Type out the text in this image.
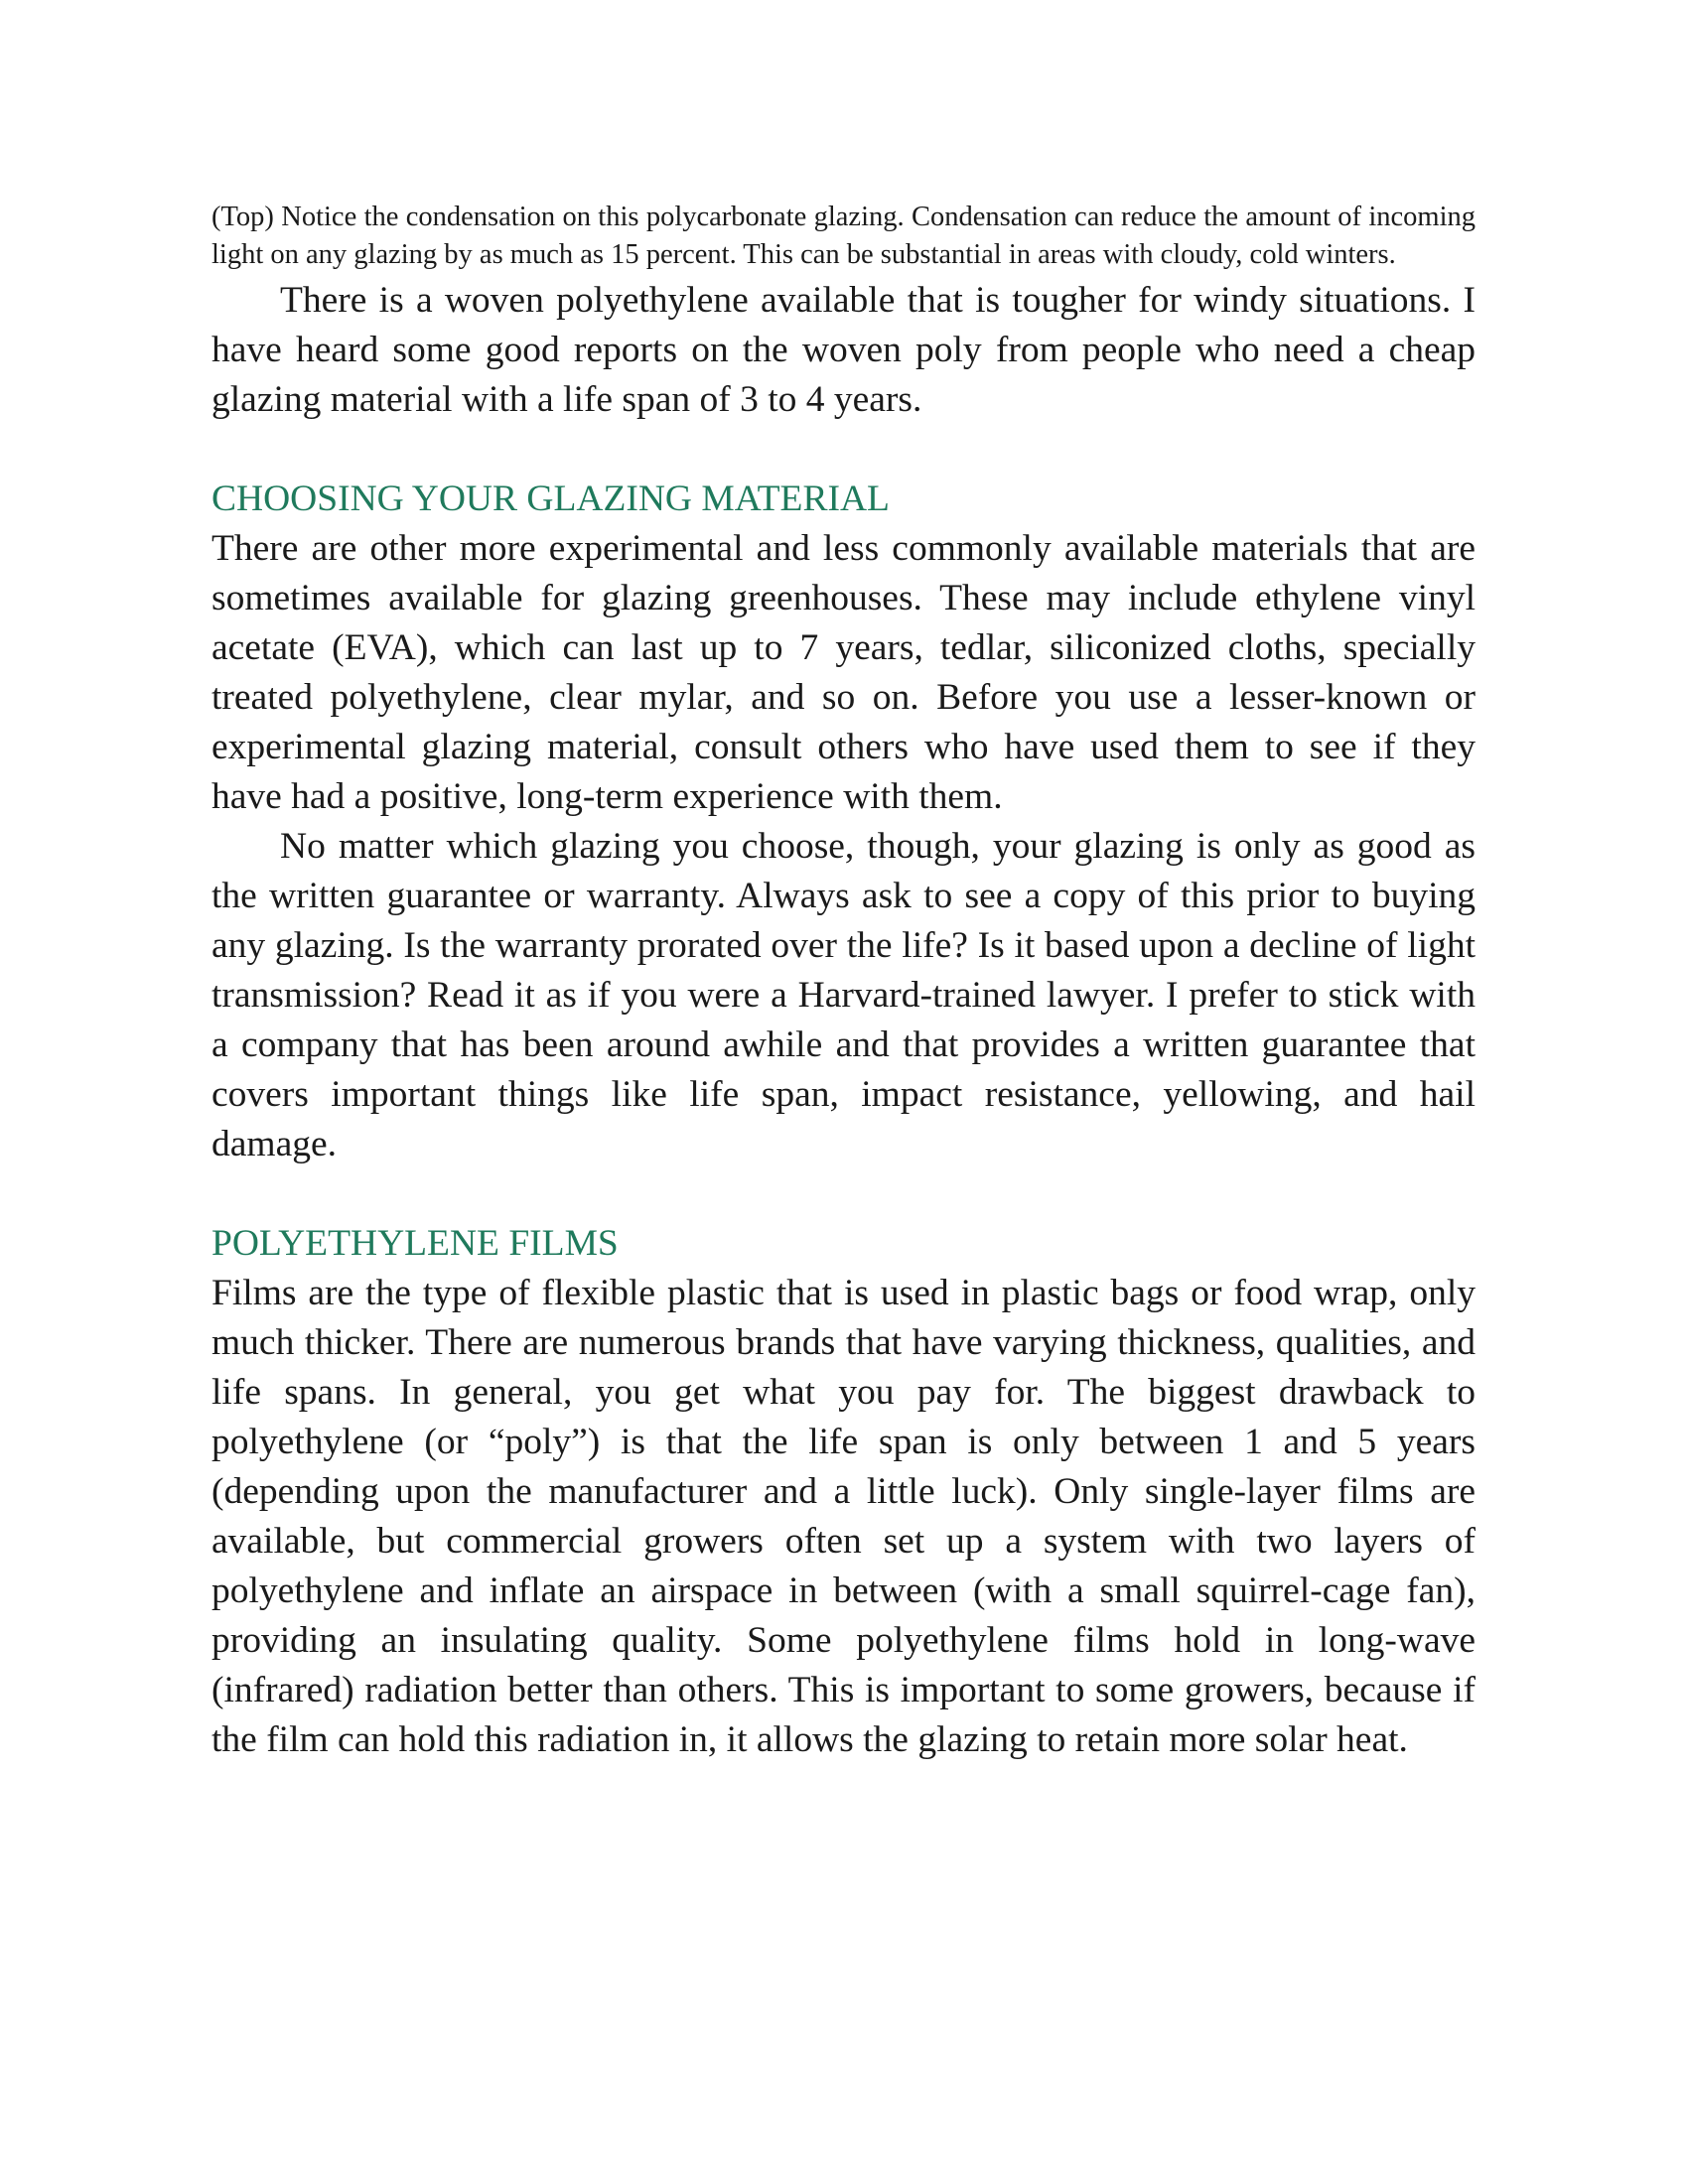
(Top) Notice the condensation on this polycarbonate glazing. Condensation can reduce the amount of incoming light on any glazing by as much as 15 percent. This can be substantial in areas with cloudy, cold winters.

There is a woven polyethylene available that is tougher for windy situations. I have heard some good reports on the woven poly from people who need a cheap glazing material with a life span of 3 to 4 years.

CHOOSING YOUR GLAZING MATERIAL

There are other more experimental and less commonly available materials that are sometimes available for glazing greenhouses. These may include ethylene vinyl acetate (EVA), which can last up to 7 years, tedlar, siliconized cloths, specially treated polyethylene, clear mylar, and so on. Before you use a lesser-known or experimental glazing material, consult others who have used them to see if they have had a positive, long-term experience with them.

No matter which glazing you choose, though, your glazing is only as good as the written guarantee or warranty. Always ask to see a copy of this prior to buying any glazing. Is the warranty prorated over the life? Is it based upon a decline of light transmission? Read it as if you were a Harvard-trained lawyer. I prefer to stick with a company that has been around awhile and that provides a written guarantee that covers important things like life span, impact resistance, yellowing, and hail damage.

POLYETHYLENE FILMS

Films are the type of flexible plastic that is used in plastic bags or food wrap, only much thicker. There are numerous brands that have varying thickness, qualities, and life spans. In general, you get what you pay for. The biggest drawback to polyethylene (or “poly”) is that the life span is only between 1 and 5 years (depending upon the manufacturer and a little luck). Only single-layer films are available, but commercial growers often set up a system with two layers of polyethylene and inflate an airspace in between (with a small squirrel-cage fan), providing an insulating quality. Some polyethylene films hold in long-wave (infrared) radiation better than others. This is important to some growers, because if the film can hold this radiation in, it allows the glazing to retain more solar heat.
